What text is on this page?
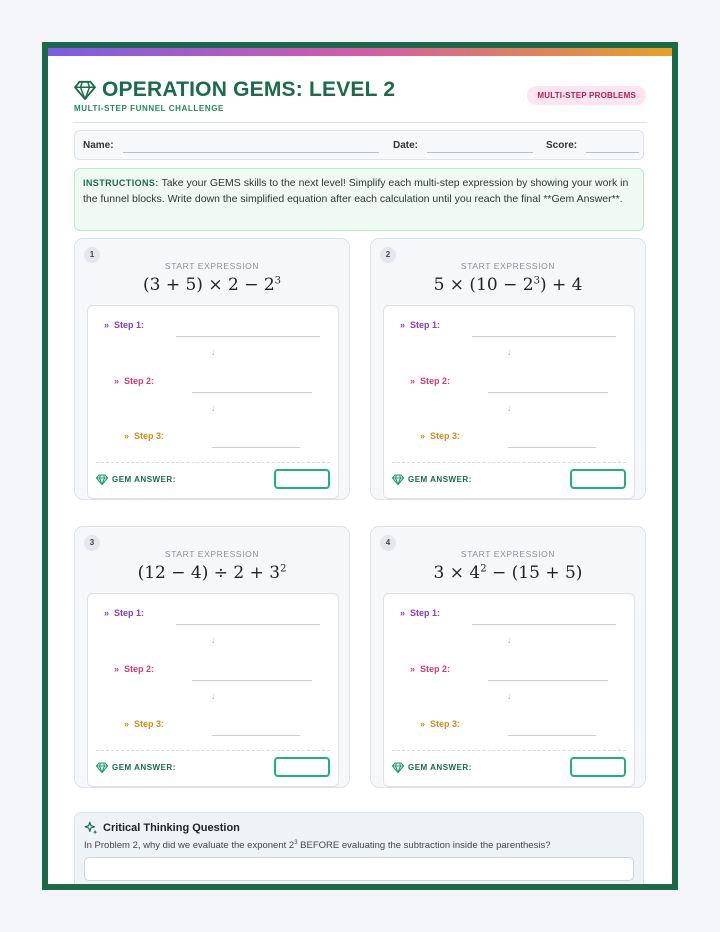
OPERATION GEMS: LEVEL 2
MULTI-STEP FUNNEL CHALLENGE
MULTI-STEP PROBLEMS
Name:	Date:	Score:
INSTRUCTIONS: Take your GEMS skills to the next level! Simplify each multi-step expression by showing your work in the funnel blocks. Write down the simplified equation after each calculation until you reach the final **Gem Answer**.
1
START EXPRESSION
$(3 + 5) \times 2 - 2^3$
» Step 1:
↓
» Step 2:
↓
» Step 3:
GEM ANSWER:
2
START EXPRESSION
$5 \times (10 - 2^3) + 4$
» Step 1:
↓
» Step 2:
↓
» Step 3:
GEM ANSWER:
3
START EXPRESSION
$(12 - 4) \div 2 + 3^2$
» Step 1:
↓
» Step 2:
↓
» Step 3:
GEM ANSWER:
4
START EXPRESSION
$3 \times 4^2 - (15 + 5)$
» Step 1:
↓
» Step 2:
↓
» Step 3:
GEM ANSWER:
Critical Thinking Question
In Problem 2, why did we evaluate the exponent $2^3$ BEFORE evaluating the subtraction inside the parenthesis?
